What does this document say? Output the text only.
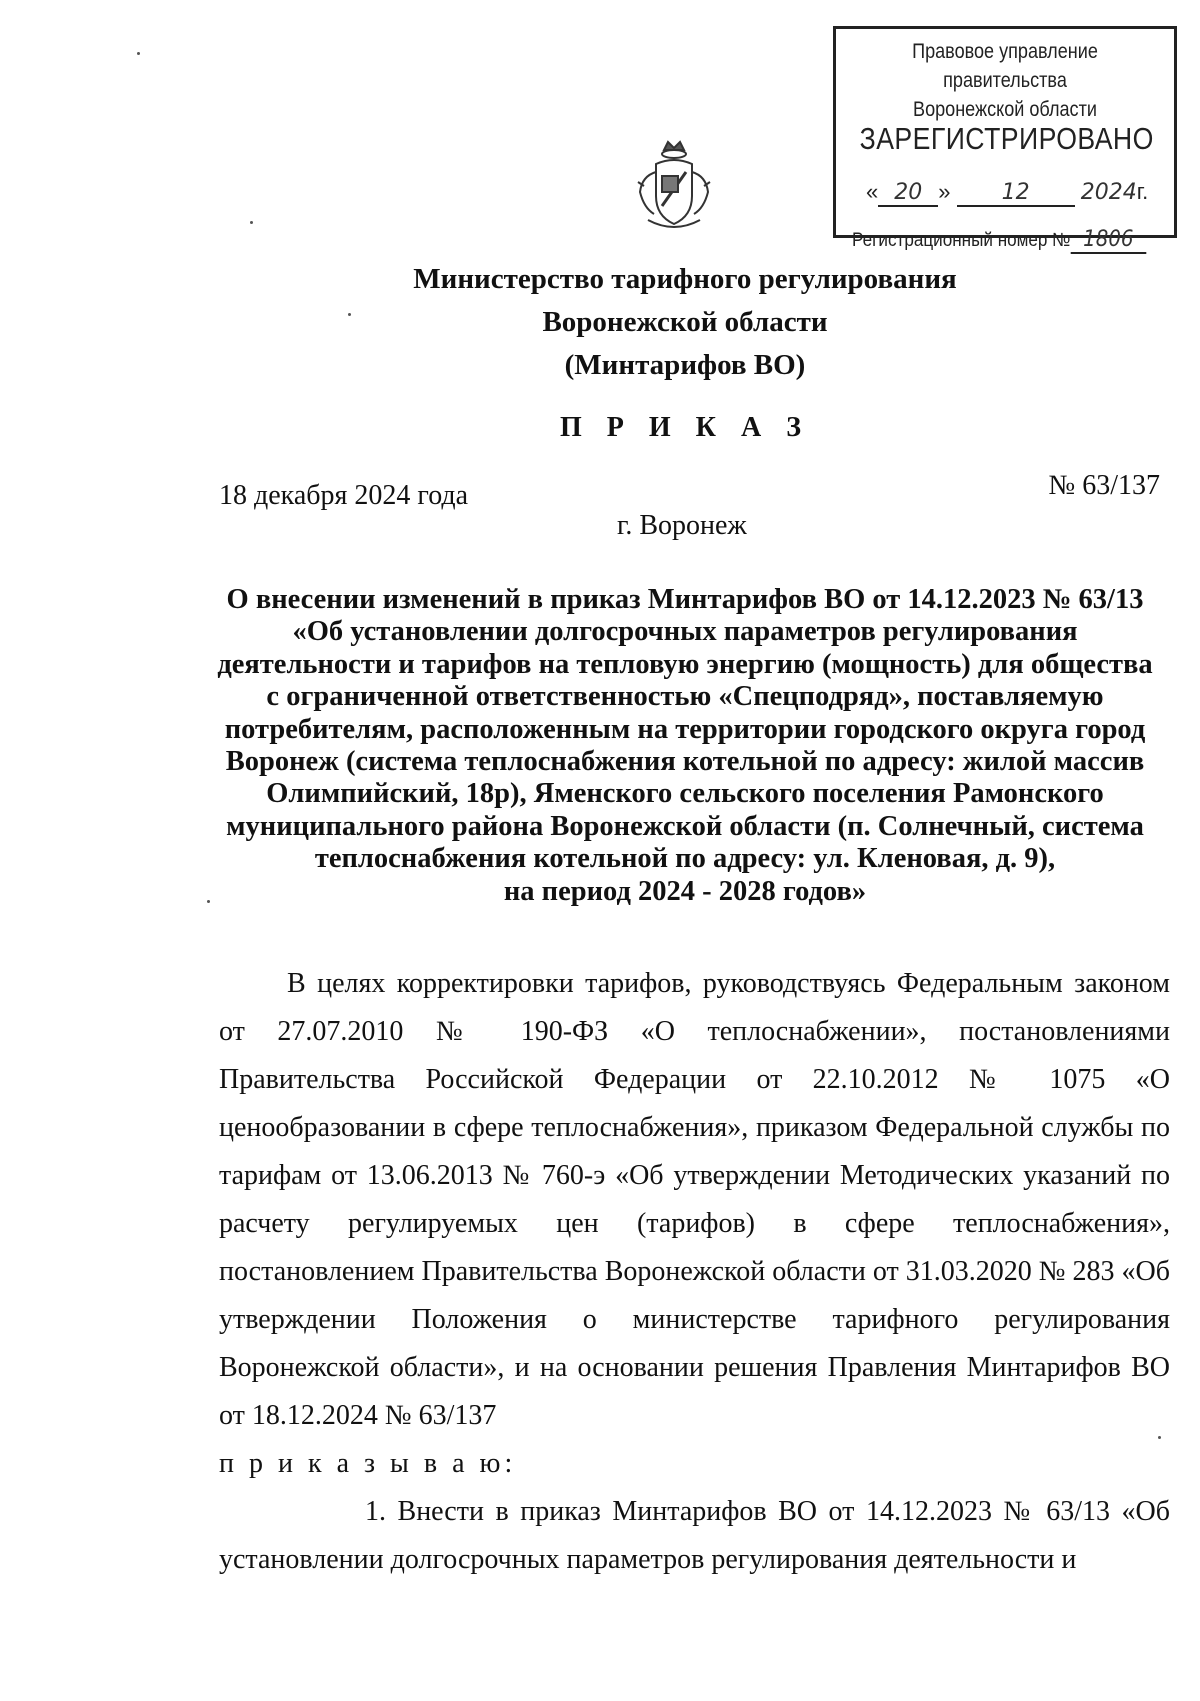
Правовое управление правительства
Воронежской области
ЗАРЕГИСТРИРОВАНО
« 20 » 12 2024г.
Регистрационный номер № 1806
Министерство тарифного регулирования
Воронежской области
(Минтарифов ВО)
П Р И К А З
18 декабря 2024 года	№ 63/137
г. Воронеж
О внесении изменений в приказ Минтарифов ВО от 14.12.2023 № 63/13
«Об установлении долгосрочных параметров регулирования
деятельности и тарифов на тепловую энергию (мощность) для общества
с ограниченной ответственностью «Спецподряд», поставляемую
потребителям, расположенным на территории городского округа город
Воронеж (система теплоснабжения котельной по адресу: жилой массив
Олимпийский, 18р), Яменского сельского поселения Рамонского
муниципального района Воронежской области (п. Солнечный, система
теплоснабжения котельной по адресу: ул. Кленовая, д. 9),
на период 2024 - 2028 годов»

В целях корректировки тарифов, руководствуясь Федеральным законом от 27.07.2010 № 190-ФЗ «О теплоснабжении», постановлениями Правительства Российской Федерации от 22.10.2012 № 1075 «О ценообразовании в сфере теплоснабжения», приказом Федеральной службы по тарифам от 13.06.2013 № 760-э «Об утверждении Методических указаний по расчету регулируемых цен (тарифов) в сфере теплоснабжения», постановлением Правительства Воронежской области от 31.03.2020 № 283 «Об утверждении Положения о министерстве тарифного регулирования Воронежской области», и на основании решения Правления Минтарифов ВО от 18.12.2024 № 63/137

п р и к а з ы в а ю:

1. Внести в приказ Минтарифов ВО от 14.12.2023 № 63/13 «Об установлении долгосрочных параметров регулирования деятельности и
